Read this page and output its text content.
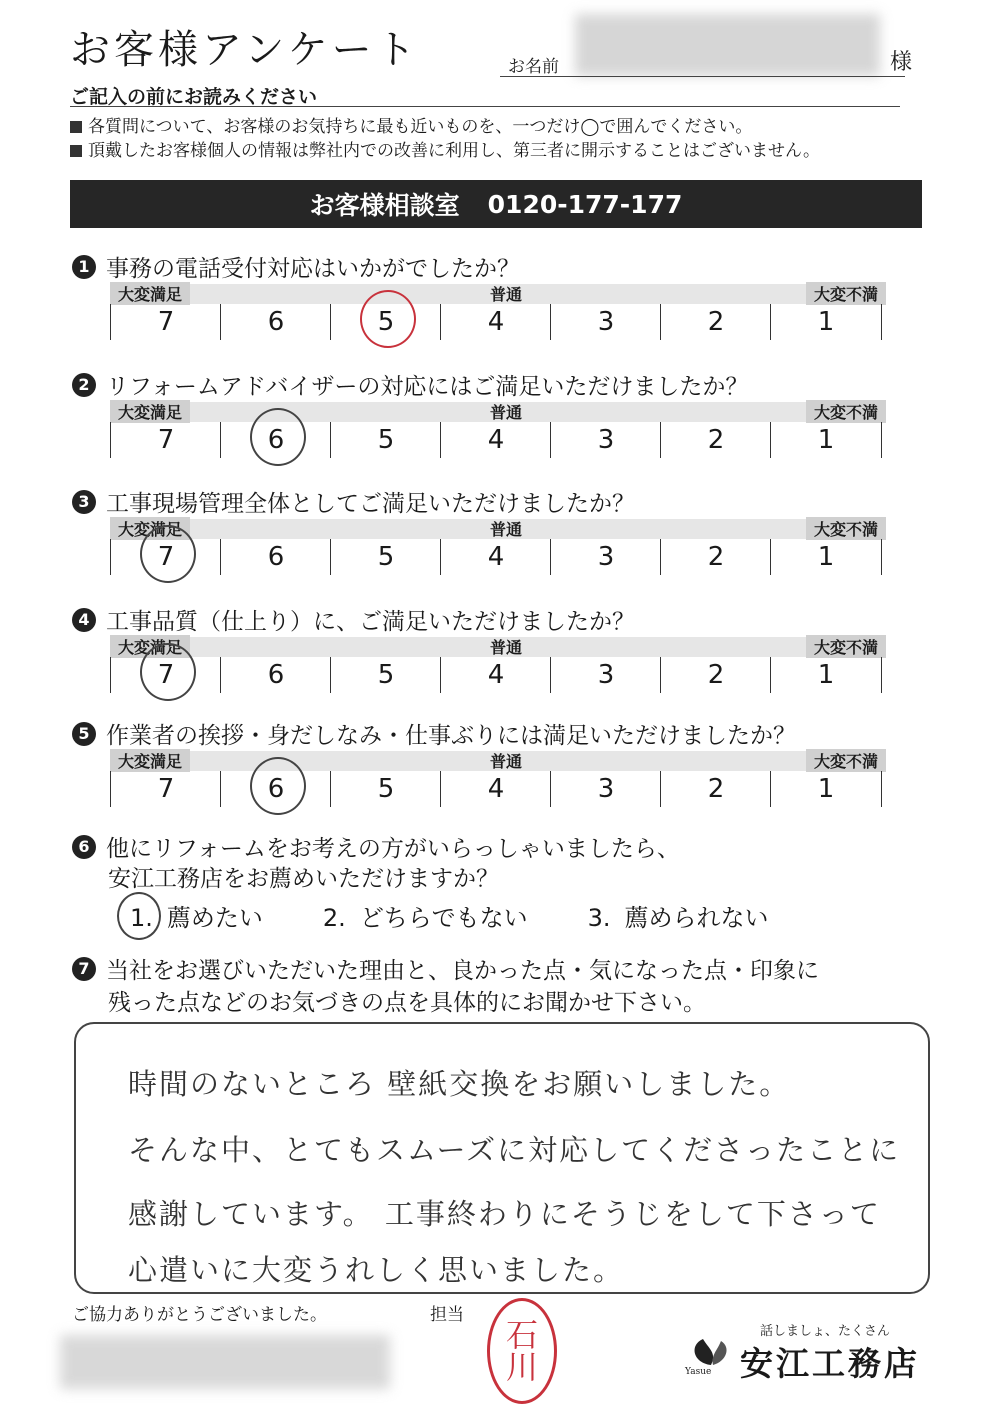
お客様アンケート	お名前	様
ご記入の前にお読みください
各質問について、お客様のお気持ちに最も近いものを、一つだけ◯で囲んでください。
頂戴したお客様個人の情報は弊社内での改善に利用し、第三者に開示することはございません。
お客様相談室 0120-177-177
1 事務の電話受付対応はいかがでしたか？
大変満足	普通	大変不満
7	6	5	4	3	2	1
2 リフォームアドバイザーの対応にはご満足いただけましたか？
大変満足	普通	大変不満
7	6	5	4	3	2	1
3 工事現場管理全体としてご満足いただけましたか？
大変満足	普通	大変不満
7	6	5	4	3	2	1
4 工事品質（仕上り）に、ご満足いただけましたか？
大変満足	普通	大変不満
7	6	5	4	3	2	1
5 作業者の挨拶・身だしなみ・仕事ぶりには満足いただけましたか？
大変満足	普通	大変不満
7	6	5	4	3	2	1
6 他にリフォームをお考えの方がいらっしゃいましたら、
安江工務店をお薦めいただけますか？
1. 薦めたい	2. どちらでもない	3. 薦められない
7 当社をお選びいただいた理由と、良かった点・気になった点・印象に
残った点などのお気づきの点を具体的にお聞かせ下さい。
時間のないところ 壁紙交換をお願いしました。
そんな中、とてもスムーズに対応してくださったことに
感謝しています。 工事終わりにそうじをして下さって
心遣いに大変うれしく思いました。
ご協力ありがとうございました。	担当
石
川	Yasue
話しましょ、たくさん
安江工務店
